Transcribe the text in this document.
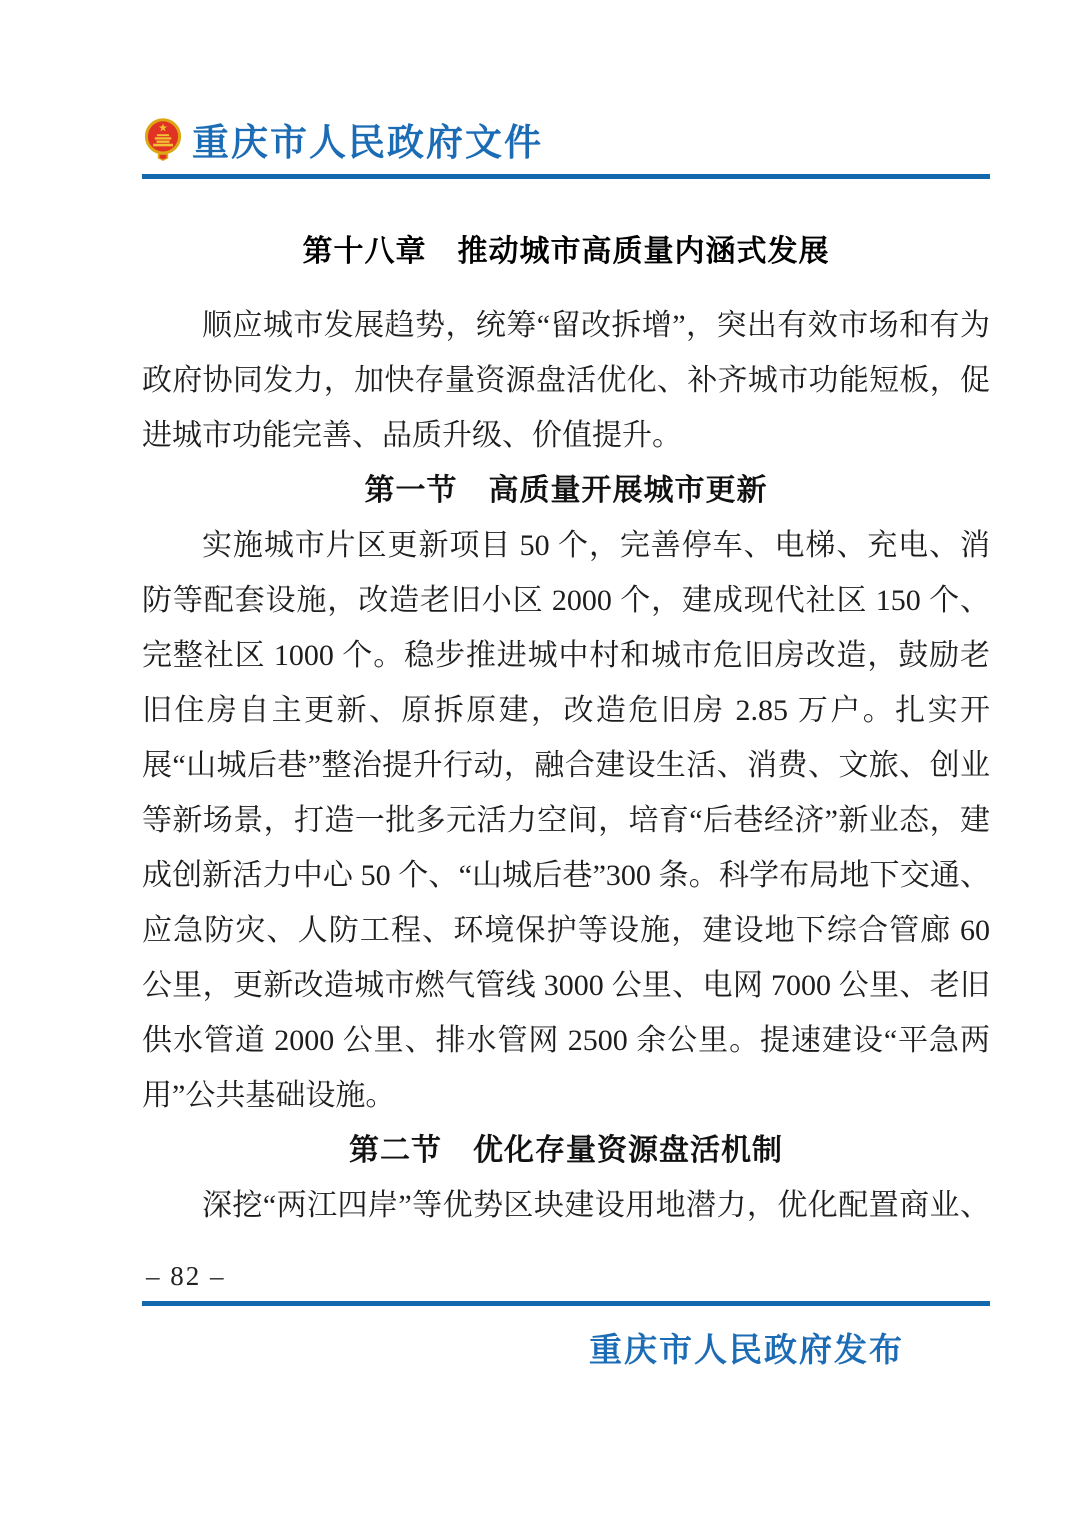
重庆市人民政府文件
第十八章　推动城市高质量内涵式发展

顺应城市发展趋势，统筹“留改拆增”，突出有效市场和有为政府协同发力，加快存量资源盘活优化、补齐城市功能短板，促进城市功能完善、品质升级、价值提升。

第一节　高质量开展城市更新

实施城市片区更新项目 50 个，完善停车、电梯、充电、消防等配套设施，改造老旧小区 2000 个，建成现代社区 150 个、完整社区 1000 个。稳步推进城中村和城市危旧房改造，鼓励老旧住房自主更新、原拆原建，改造危旧房 2.85 万户。扎实开展“山城后巷”整治提升行动，融合建设生活、消费、文旅、创业等新场景，打造一批多元活力空间，培育“后巷经济”新业态，建成创新活力中心 50 个、“山城后巷”300 条。科学布局地下交通、应急防灾、人防工程、环境保护等设施，建设地下综合管廊 60 公里，更新改造城市燃气管线 3000 公里、电网 7000 公里、老旧供水管道 2000 公里、排水管网 2500 余公里。提速建设“平急两用”公共基础设施。

第二节　优化存量资源盘活机制

深挖“两江四岸”等优势区块建设用地潜力，优化配置商业、

– 82 –
重庆市人民政府发布
